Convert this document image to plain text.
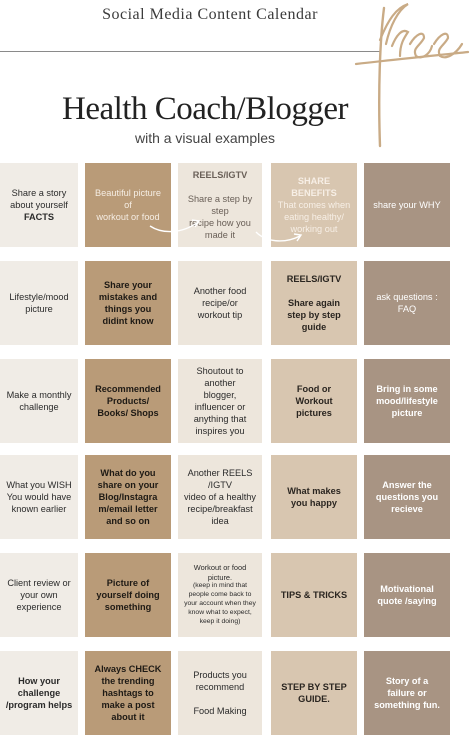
Social Media Content Calendar
Health Coach/Blogger
with a visual examples
Share a story
about yourself
FACTS
Beautiful picture of
workout or food
REELS/IGTV

Share a step by step
recipe how you
made it
SHARE BENEFITS
That comes when
eating healthy/
working out
share your WHY
Lifestyle/mood
picture
Share your
mistakes and
things you
didint know
Another food
recipe/or
workout tip
REELS/IGTV

Share again
step by step
guide
ask questions :
FAQ
Make a monthly
challenge
Recommended
Products/
Books/ Shops
Shoutout to
another
blogger,
influencer or
anything that
inspires you
Food or
Workout
pictures
Bring in some
mood/lifestyle
picture
What you WISH
You would have
known earlier
What do you
share on your
Blog/Instagra
m/email letter
and so on
Another REELS
/IGTV
video of a healthy
recipe/breakfast
idea
What makes
you happy
Answer the
questions you
recieve
Client review or
your own
experience
Picture of
yourself doing
something
Workout or food
picture.
(keep in mind that
people come back to
your account when they
know what to expect,
keep it doing)
TIPS & TRICKS
Motivational
quote /saying
How your
challenge
/program helps
Always CHECK
the trending
hashtags to
make a post
about it
Products you
recommend

Food Making
STEP BY STEP
GUIDE.
Story of a
failure or
something fun.
